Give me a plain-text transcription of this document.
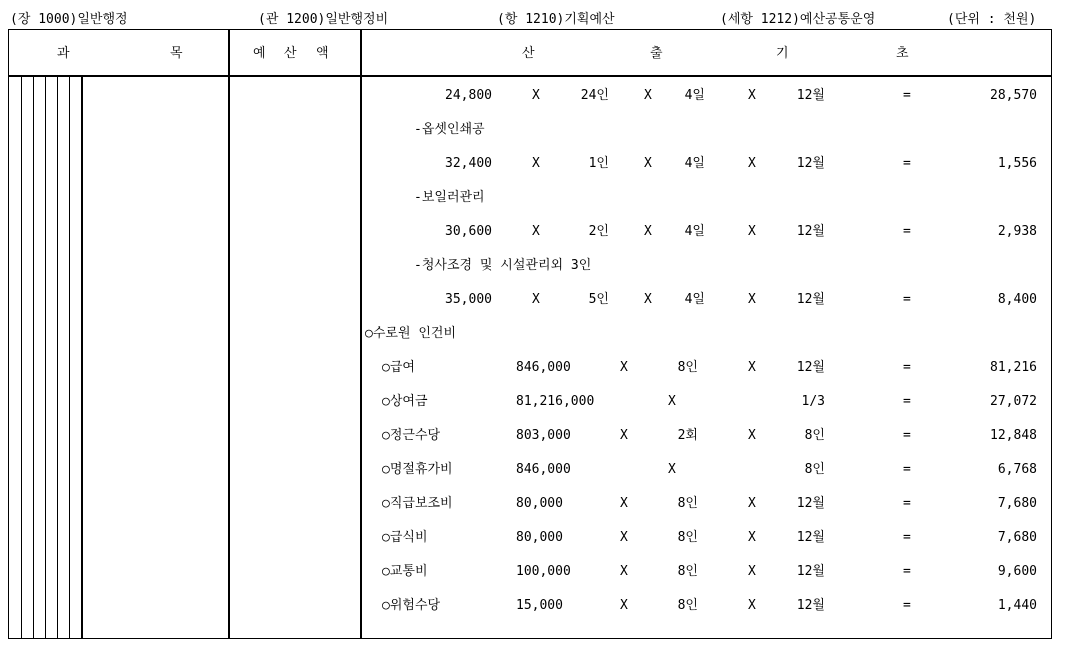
(장 1000)일반행정	(관 1200)일반행정비	(항 1210)기획예산	(세항 1212)예산공통운영	(단위 : 천원)
과	목	예 산 액	산	출	기	초
24,800	X	24인	X	4일	X	12월	=	28,570
-옵셋인쇄공
32,400	X	1인	X	4일	X	12월	=	1,556
-보일러관리
30,600	X	2인	X	4일	X	12월	=	2,938
-청사조경 및 시설관리외 3인
35,000	X	5인	X	4일	X	12월	=	8,400
○수로원 인건비
○급여	846,000	X	8인	X	12월	=	81,216
○상여금	81,216,000	X	1/3	=	27,072
○정근수당	803,000	X	2회	X	8인	=	12,848
○명절휴가비	846,000	X	8인	=	6,768
○직급보조비	80,000	X	8인	X	12월	=	7,680
○급식비	80,000	X	8인	X	12월	=	7,680
○교통비	100,000	X	8인	X	12월	=	9,600
○위험수당	15,000	X	8인	X	12월	=	1,440
